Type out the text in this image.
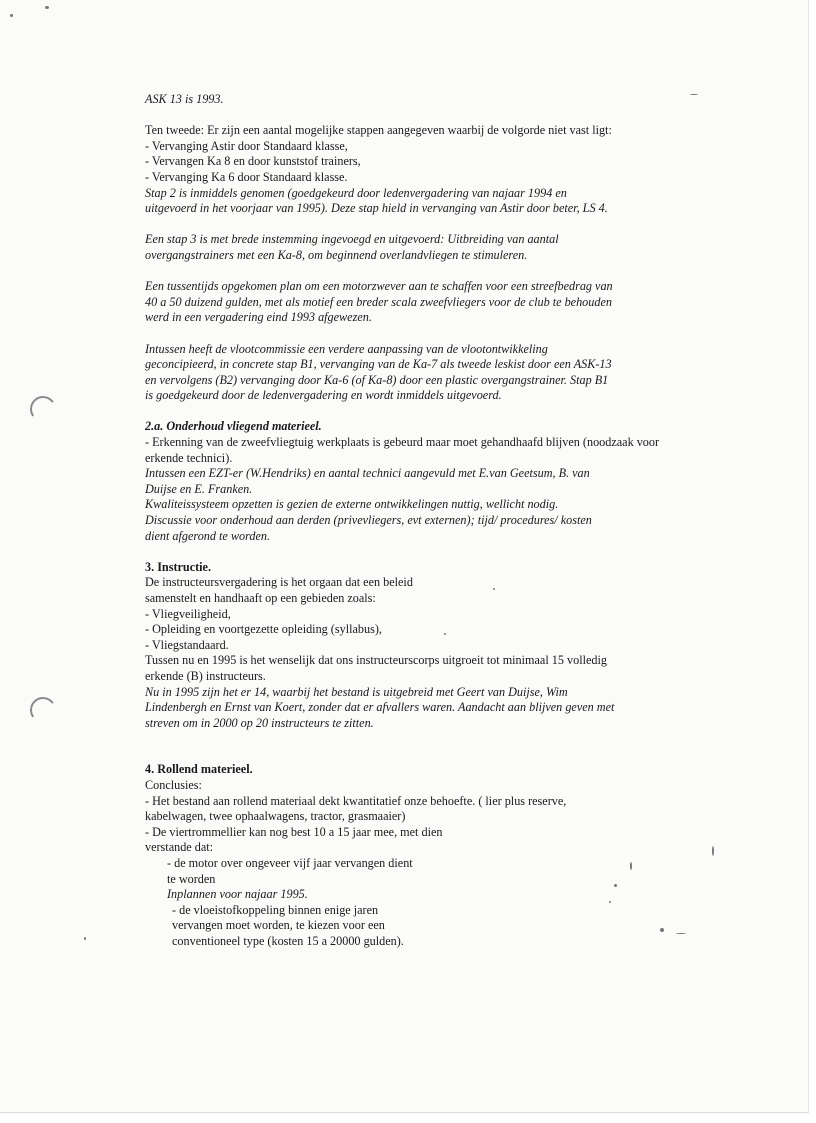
ASK 13 is 1993.
Ten tweede: Er zijn een aantal mogelijke stappen aangegeven waarbij de volgorde niet vast ligt:
- Vervanging Astir door Standaard klasse,
- Vervangen Ka 8 en door kunststof trainers,
- Vervanging Ka 6 door Standaard klasse.
Stap 2 is inmiddels genomen (goedgekeurd door ledenvergadering van najaar 1994 en
uitgevoerd in het voorjaar van 1995). Deze stap hield in vervanging van Astir door beter, LS 4.
Een stap 3 is met brede instemming ingevoegd en uitgevoerd: Uitbreiding van aantal
overgangstrainers met een Ka-8, om beginnend overlandvliegen te stimuleren.
Een tussentijds opgekomen plan om een motorzwever aan te schaffen voor een streefbedrag van
40 a 50 duizend gulden, met als motief een breder scala zweefvliegers voor de club te behouden
werd in een vergadering eind 1993 afgewezen.
Intussen heeft de vlootcommissie een verdere aanpassing van de vlootontwikkeling
geconcipieerd, in concrete stap B1, vervanging van de Ka-7 als tweede leskist door een ASK-13
en vervolgens (B2) vervanging door Ka-6 (of Ka-8) door een plastic overgangstrainer. Stap B1
is goedgekeurd door de ledenvergadering en wordt inmiddels uitgevoerd.
2.a. Onderhoud vliegend materieel.
- Erkenning van de zweefvliegtuig werkplaats is gebeurd maar moet gehandhaafd blijven (noodzaak voor
erkende technici).
Intussen een EZT-er (W.Hendriks) en aantal technici aangevuld met E.van Geetsum, B. van
Duijse en E. Franken.
Kwaliteissysteem opzetten is gezien de externe ontwikkelingen nuttig, wellicht nodig.
Discussie voor onderhoud aan derden (privevliegers, evt externen); tijd/ procedures/ kosten
dient afgerond te worden.
3. Instructie.
De instructeursvergadering is het orgaan dat een beleid
samenstelt en handhaaft op een gebieden zoals:
- Vliegveiligheid,
- Opleiding en voortgezette opleiding (syllabus),
- Vliegstandaard.
Tussen nu en 1995 is het wenselijk dat ons instructeurscorps uitgroeit tot minimaal 15 volledig
erkende (B) instructeurs.
Nu in 1995 zijn het er 14, waarbij het bestand is uitgebreid met Geert van Duijse, Wim
Lindenbergh en Ernst van Koert, zonder dat er afvallers waren. Aandacht aan blijven geven met
streven om in 2000 op 20 instructeurs te zitten.
4. Rollend materieel.
Conclusies:
- Het bestand aan rollend materiaal dekt kwantitatief onze behoefte. ( lier plus reserve,
kabelwagen, twee ophaalwagens, tractor, grasmaaier)
- De viertrommellier kan nog best 10 a 15 jaar mee, met dien
verstande dat:
- de motor over ongeveer vijf jaar vervangen dient
te worden
Inplannen voor najaar 1995.
- de vloeistofkoppeling binnen enige jaren
vervangen moet worden, te kiezen voor een
conventioneel type (kosten 15 a 20000 gulden).
